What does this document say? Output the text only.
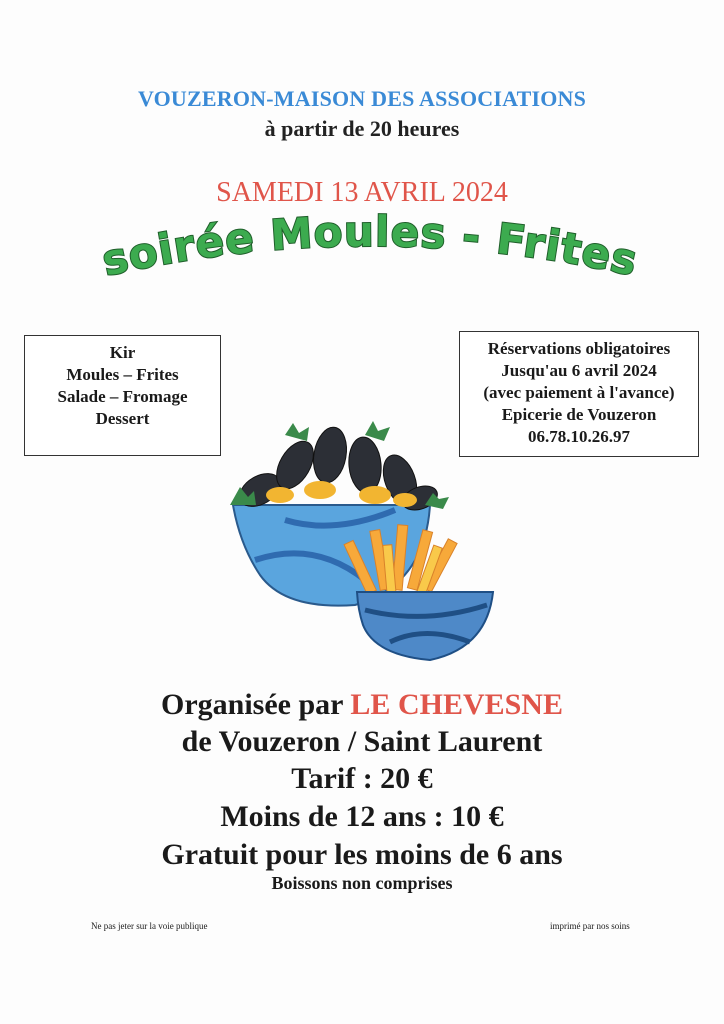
VOUZERON-MAISON DES ASSOCIATIONS
à partir de 20 heures
SAMEDI 13 AVRIL 2024
soirée Moules - Frites
Kir
Moules – Frites
Salade – Fromage
Dessert
Réservations obligatoires
Jusqu'au 6 avril 2024
(avec paiement à l'avance)
Epicerie de Vouzeron
06.78.10.26.97
Organisée par LE CHEVESNE
de Vouzeron / Saint Laurent
Tarif : 20 €
Moins de 12 ans : 10 €
Gratuit pour les moins de 6 ans
Boissons non comprises
Ne pas jeter sur la voie publique	imprimé par nos soins
